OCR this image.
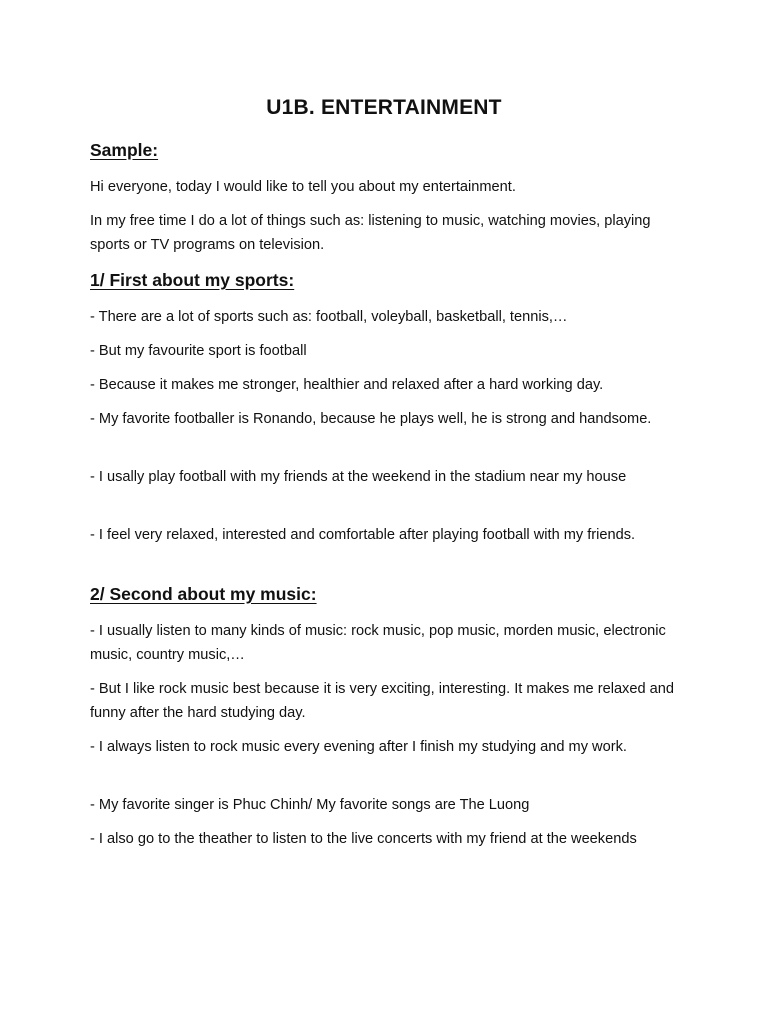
U1B. ENTERTAINMENT
Sample:

Hi everyone, today I would like to tell you about my entertainment.

In my free time I do a lot of things such as: listening to music, watching movies, playing sports or TV programs on television.

1/ First about my sports:

- There are a lot of sports such as: football, voleyball, basketball, tennis,…

- But my favourite sport is football

- Because it makes me stronger, healthier and relaxed after a hard working day.

- My favorite footballer is Ronando, because he plays well, he is strong and handsome.

- I usally play football with my friends at the weekend in the stadium near my house

- I feel very relaxed, interested and comfortable after playing football with my friends.

2/ Second about my music:

- I usually listen to many kinds of music: rock music, pop music, morden music, electronic music, country music,…

- But I like rock music best because it is very exciting, interesting. It makes me relaxed and funny after the hard studying day.

- I always listen to rock music every evening after I finish my studying and my work.

- My favorite singer is Phuc Chinh/ My favorite songs are The Luong

- I also go to the theather to listen to the live concerts with my friend at the weekends
